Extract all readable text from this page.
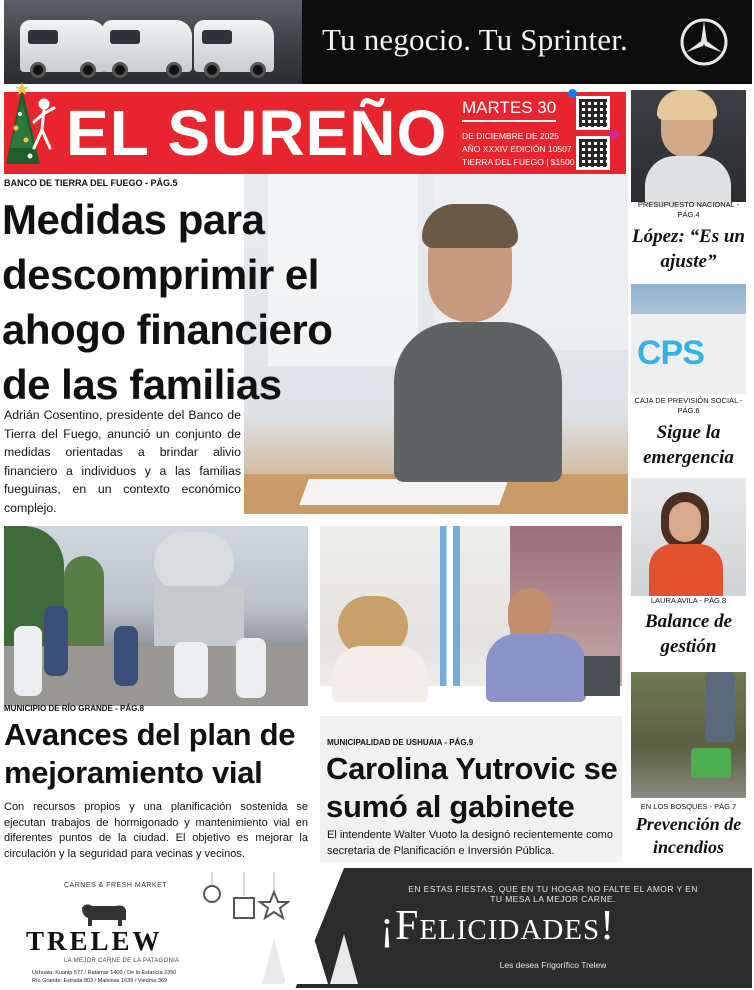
Tu negocio. Tu Sprinter.
EL SUREÑO MARTES 30
DE DICIEMBRE DE 2025
AÑO XXXIV EDICIÓN 10507
TIERRA DEL FUEGO | $1500
BANCO DE TIERRA DEL FUEGO - PÁG.5
Medidas para descomprimir el ahogo financiero de las familias
Adrián Cosentino, presidente del Banco de Tierra del Fuego, anunció un conjunto de medidas orientadas a brindar alivio financiero a individuos y a las familias fueguinas, en un contexto económico complejo.
PRESUPUESTO NACIONAL - PÁG.4
López: “Es un ajuste”
CPS
CAJA DE PREVISIÓN SOCIAL - PÁG.6
Sigue la emergencia
LAURA AVILA - PÁG.8
Balance de gestión
EN LOS BOSQUES - PÁG.7
Prevención de incendios
MUNICIPIO DE RÍO GRANDE - PÁG.8
Avances del plan de mejoramiento vial
Con recursos propios y una planificación sostenida se ejecutan trabajos de hormigonado y mantenimiento vial en diferentes puntos de la ciudad. El objetivo es mejorar la circulación y la seguridad para vecinas y vecinos.
MUNICIPALIDAD DE USHUAIA - PÁG.9
Carolina Yutrovic se sumó al gabinete
El intendente Walter Vuoto la designó recientemente como secretaria de Planificación e Inversión Pública.
CARNES & FRESH MARKET
TRELEW
LA MEJOR CARNE DE LA PATAGONIA
Ushuaia: Kuanip 577 / Ratamar 1400 / De la Estancia 2350
Río Grande: Estrada 803 / Malvinas 1639 / Viedma 369
EN ESTAS FIESTAS, QUE EN TU HOGAR NO FALTE EL AMOR Y EN TU MESA LA MEJOR CARNE.
¡Felicidades!
Les desea Frigorífico Trelew
